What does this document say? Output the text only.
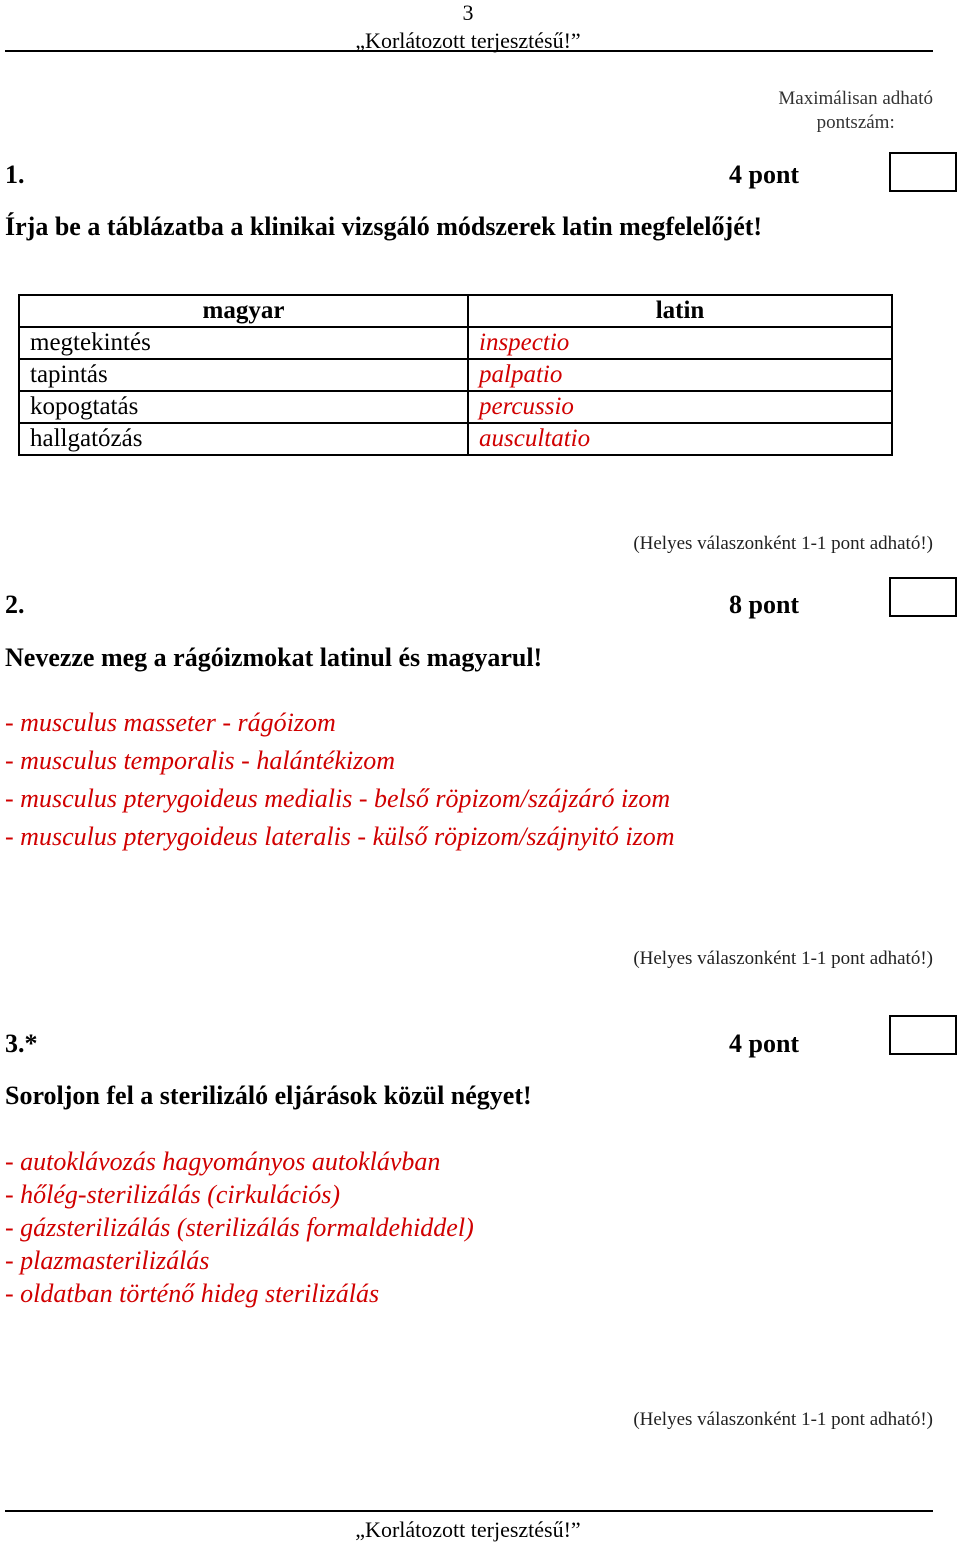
3
„Korlátozott terjesztésű!”
Maximálisan adható
pontszám:
1.	4 pont
Írja be a táblázatba a klinikai vizsgáló módszerek latin megfelelőjét!
magyar	latin
megtekintés	inspectio
tapintás	palpatio
kopogtatás	percussio
hallgatózás	auscultatio
(Helyes válaszonként 1-1 pont adható!)
2.	8 pont
Nevezze meg a rágóizmokat latinul és magyarul!
- musculus masseter - rágóizom
- musculus temporalis - halántékizom
- musculus pterygoideus medialis - belső röpizom/szájzáró izom
- musculus pterygoideus lateralis - külső röpizom/szájnyitó izom
(Helyes válaszonként 1-1 pont adható!)
3.*	4 pont
Soroljon fel a sterilizáló eljárások közül négyet!
- autoklávozás hagyományos autoklávban
- hőlég-sterilizálás (cirkulációs)
- gázsterilizálás (sterilizálás formaldehiddel)
- plazmasterilizálás
- oldatban történő hideg sterilizálás
(Helyes válaszonként 1-1 pont adható!)
„Korlátozott terjesztésű!”
